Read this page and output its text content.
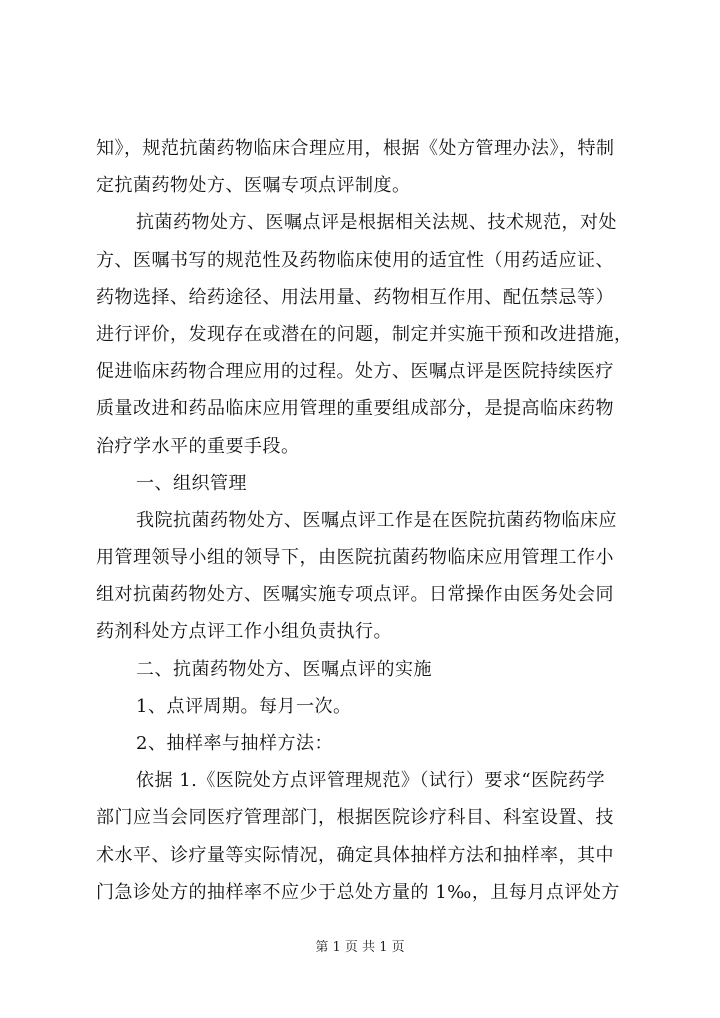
知》，规范抗菌药物临床合理应用，根据《处方管理办法》，特制
定抗菌药物处方、医嘱专项点评制度。
抗菌药物处方、医嘱点评是根据相关法规、技术规范，对处
方、医嘱书写的规范性及药物临床使用的适宜性（用药适应证、
药物选择、给药途径、用法用量、药物相互作用、配伍禁忌等）
进行评价，发现存在或潜在的问题，制定并实施干预和改进措施，
促进临床药物合理应用的过程。处方、医嘱点评是医院持续医疗
质量改进和药品临床应用管理的重要组成部分，是提高临床药物
治疗学水平的重要手段。
一、组织管理
我院抗菌药物处方、医嘱点评工作是在医院抗菌药物临床应
用管理领导小组的领导下，由医院抗菌药物临床应用管理工作小
组对抗菌药物处方、医嘱实施专项点评。日常操作由医务处会同
药剂科处方点评工作小组负责执行。
二、抗菌药物处方、医嘱点评的实施
1、点评周期。每月一次。
2、抽样率与抽样方法：
依据 1.《医院处方点评管理规范》（试行）要求“医院药学
部门应当会同医疗管理部门，根据医院诊疗科目、科室设置、技
术水平、诊疗量等实际情况，确定具体抽样方法和抽样率，其中
门急诊处方的抽样率不应少于总处方量的 1‰，且每月点评处方
第 1 页 共 1 页
